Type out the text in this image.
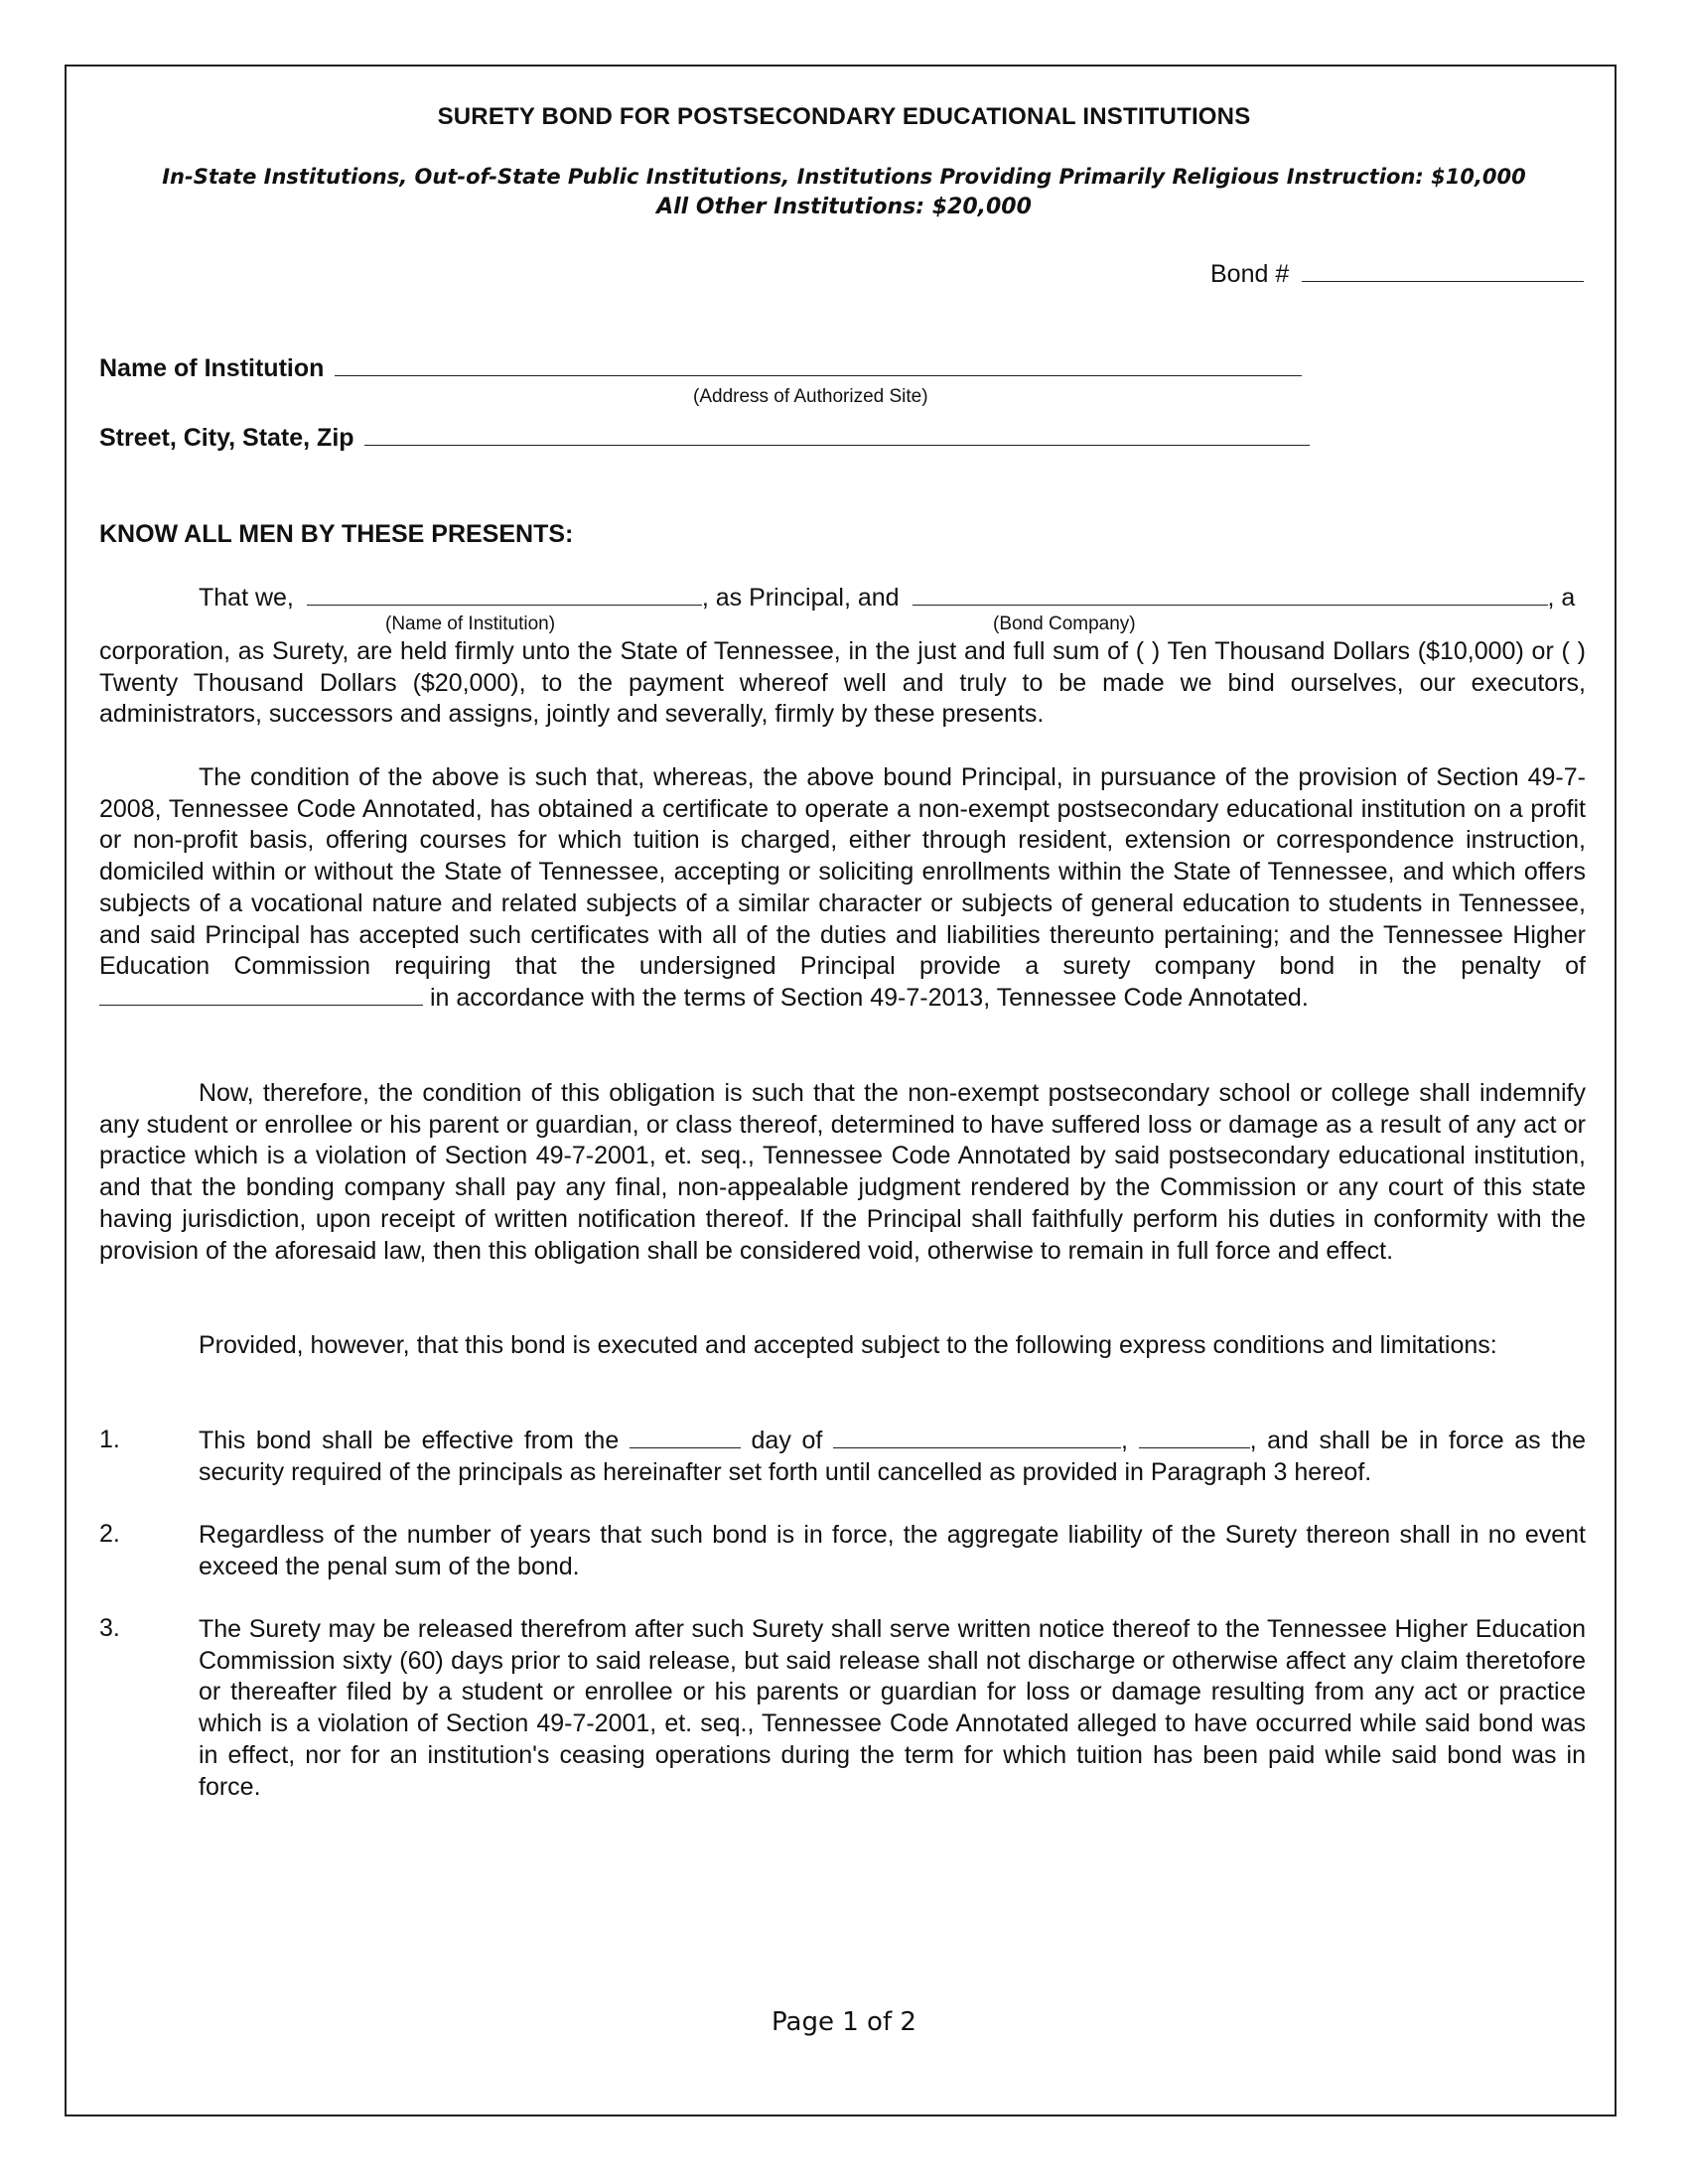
SURETY BOND FOR POSTSECONDARY EDUCATIONAL INSTITUTIONS
In-State Institutions, Out-of-State Public Institutions, Institutions Providing Primarily Religious Instruction: $10,000
All Other Institutions: $20,000
Bond #
Name of Institution
(Address of Authorized Site)
Street, City, State, Zip
KNOW ALL MEN BY THESE PRESENTS:
That we,	, as Principal, and	, a
(Name of Institution)	(Bond Company)
corporation, as Surety, are held firmly unto the State of Tennessee, in the just and full sum of ( ) Ten Thousand Dollars ($10,000) or ( ) Twenty Thousand Dollars ($20,000), to the payment whereof well and truly to be made we bind ourselves, our executors, administrators, successors and assigns, jointly and severally, firmly by these presents.
The condition of the above is such that, whereas, the above bound Principal, in pursuance of the provision of Section 49-7-2008, Tennessee Code Annotated, has obtained a certificate to operate a non-exempt postsecondary educational institution on a profit or non-profit basis, offering courses for which tuition is charged, either through resident, extension or correspondence instruction, domiciled within or without the State of Tennessee, accepting or soliciting enrollments within the State of Tennessee, and which offers subjects of a vocational nature and related subjects of a similar character or subjects of general education to students in Tennessee, and said Principal has accepted such certificates with all of the duties and liabilities thereunto pertaining; and the Tennessee Higher Education Commission requiring that the undersigned Principal provide a surety company bond in the penalty of  in accordance with the terms of Section 49-7-2013, Tennessee Code Annotated.
Now, therefore, the condition of this obligation is such that the non-exempt postsecondary school or college shall indemnify any student or enrollee or his parent or guardian, or class thereof, determined to have suffered loss or damage as a result of any act or practice which is a violation of Section 49-7-2001, et. seq., Tennessee Code Annotated by said postsecondary educational institution, and that the bonding company shall pay any final, non-appealable judgment rendered by the Commission or any court of this state having jurisdiction, upon receipt of written notification thereof. If the Principal shall faithfully perform his duties in conformity with the provision of the aforesaid law, then this obligation shall be considered void, otherwise to remain in full force and effect.
Provided, however, that this bond is executed and accepted subject to the following express conditions and limitations:
1.	This bond shall be effective from the	day of	,	, and shall be in force as the security required of the principals as hereinafter set forth until cancelled as provided in Paragraph 3 hereof.
2.	Regardless of the number of years that such bond is in force, the aggregate liability of the Surety thereon shall in no event exceed the penal sum of the bond.
3.	The Surety may be released therefrom after such Surety shall serve written notice thereof to the Tennessee Higher Education Commission sixty (60) days prior to said release, but said release shall not discharge or otherwise affect any claim theretofore or thereafter filed by a student or enrollee or his parents or guardian for loss or damage resulting from any act or practice which is a violation of Section 49-7-2001, et. seq., Tennessee Code Annotated alleged to have occurred while said bond was in effect, nor for an institution's ceasing operations during the term for which tuition has been paid while said bond was in force.
Page 1 of 2
